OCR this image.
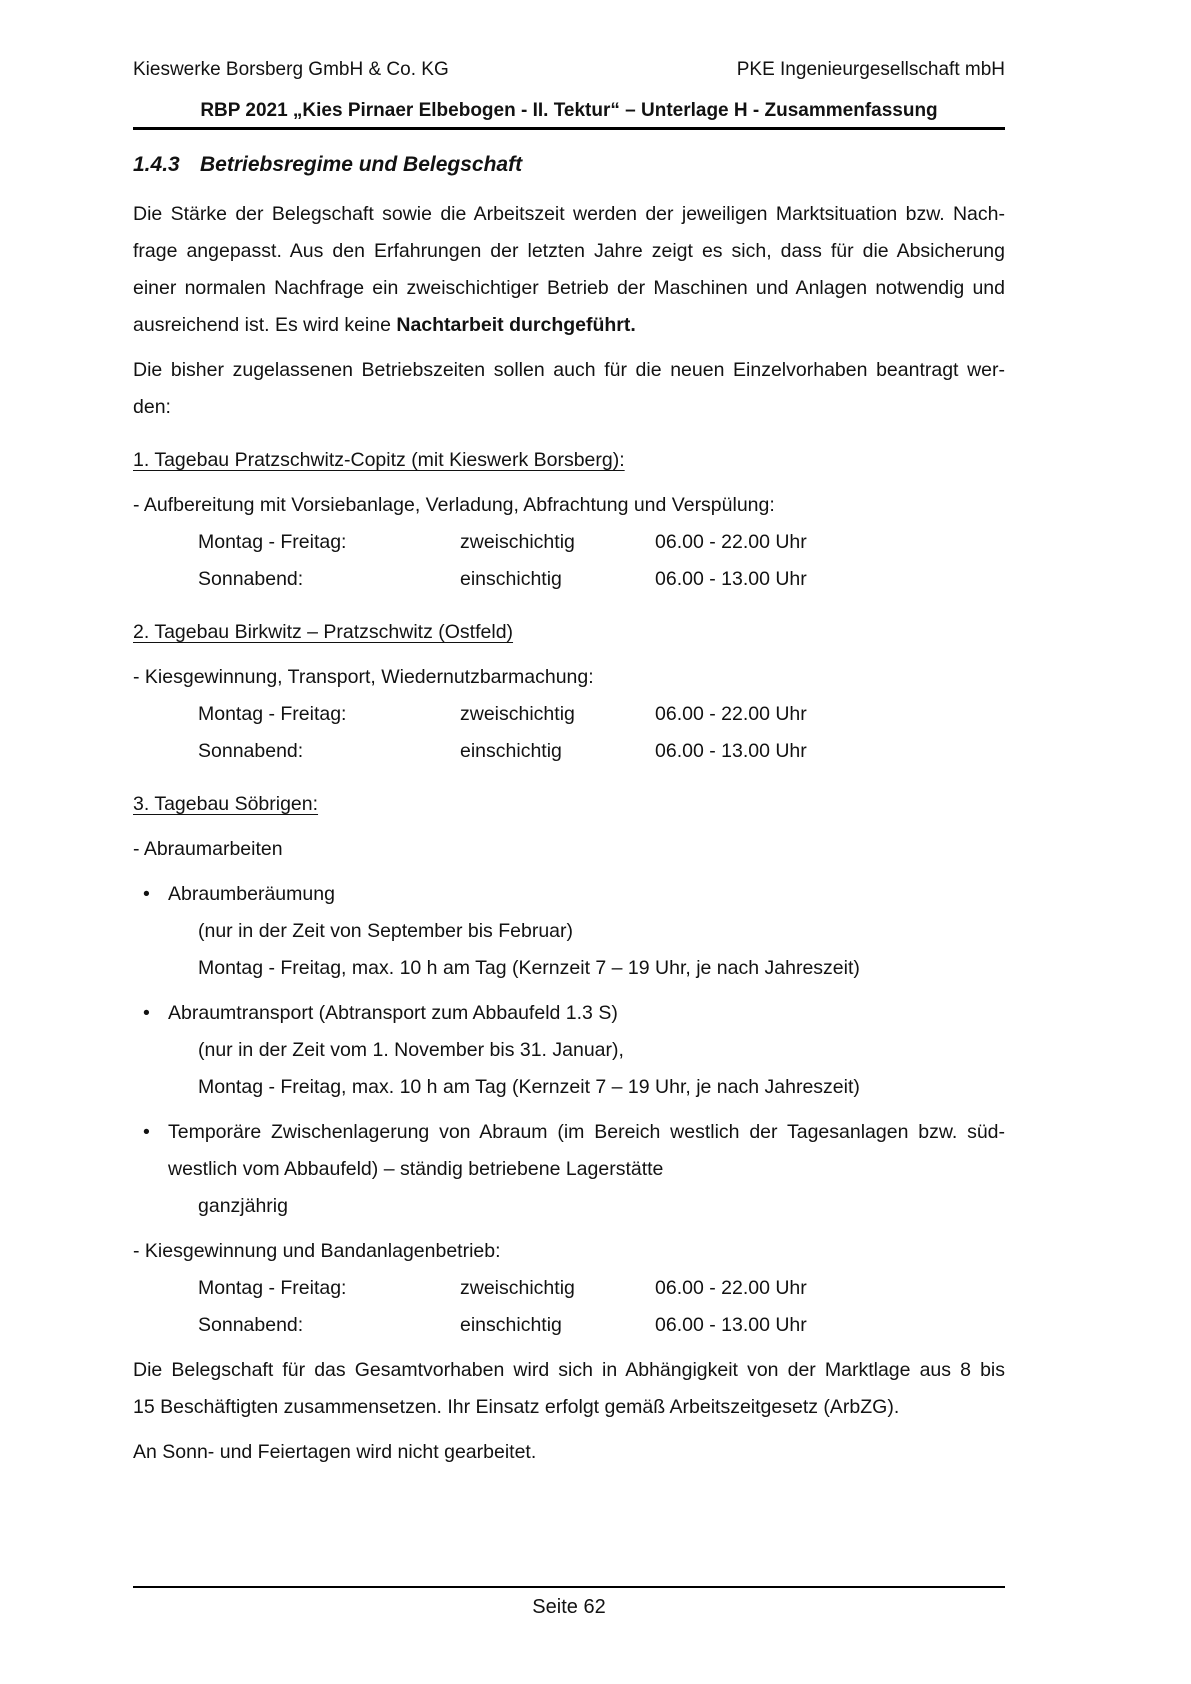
Kieswerke Borsberg GmbH & Co. KG	PKE Ingenieurgesellschaft mbH
RBP 2021 „Kies Pirnaer Elbebogen - II. Tektur“ – Unterlage H - Zusammenfassung
1.4.3 Betriebsregime und Belegschaft
Die Stärke der Belegschaft sowie die Arbeitszeit werden der jeweiligen Marktsituation bzw. Nach-
frage angepasst. Aus den Erfahrungen der letzten Jahre zeigt es sich, dass für die Absicherung
einer normalen Nachfrage ein zweischichtiger Betrieb der Maschinen und Anlagen notwendig und
ausreichend ist. Es wird keine Nachtarbeit durchgeführt.
Die bisher zugelassenen Betriebszeiten sollen auch für die neuen Einzelvorhaben beantragt wer-
den:
1. Tagebau Pratzschwitz-Copitz (mit Kieswerk Borsberg):
- Aufbereitung mit Vorsiebanlage, Verladung, Abfrachtung und Verspülung:
Montag - Freitag:	zweischichtig	06.00 - 22.00 Uhr
Sonnabend:	einschichtig	06.00 - 13.00 Uhr
2. Tagebau Birkwitz – Pratzschwitz (Ostfeld)
- Kiesgewinnung, Transport, Wiedernutzbarmachung:
Montag - Freitag:	zweischichtig	06.00 - 22.00 Uhr
Sonnabend:	einschichtig	06.00 - 13.00 Uhr
3. Tagebau Söbrigen:
- Abraumarbeiten
• Abraumberäumung
(nur in der Zeit von September bis Februar)
Montag - Freitag, max. 10 h am Tag (Kernzeit 7 – 19 Uhr, je nach Jahreszeit)
• Abraumtransport (Abtransport zum Abbaufeld 1.3 S)
(nur in der Zeit vom 1. November bis 31. Januar),
Montag - Freitag, max. 10 h am Tag (Kernzeit 7 – 19 Uhr, je nach Jahreszeit)
• Temporäre Zwischenlagerung von Abraum (im Bereich westlich der Tagesanlagen bzw. süd-
westlich vom Abbaufeld) – ständig betriebene Lagerstätte
ganzjährig
- Kiesgewinnung und Bandanlagenbetrieb:
Montag - Freitag:	zweischichtig	06.00 - 22.00 Uhr
Sonnabend:	einschichtig	06.00 - 13.00 Uhr
Die Belegschaft für das Gesamtvorhaben wird sich in Abhängigkeit von der Marktlage aus 8 bis
15 Beschäftigten zusammensetzen. Ihr Einsatz erfolgt gemäß Arbeitszeitgesetz (ArbZG).
An Sonn- und Feiertagen wird nicht gearbeitet.
Seite 62
